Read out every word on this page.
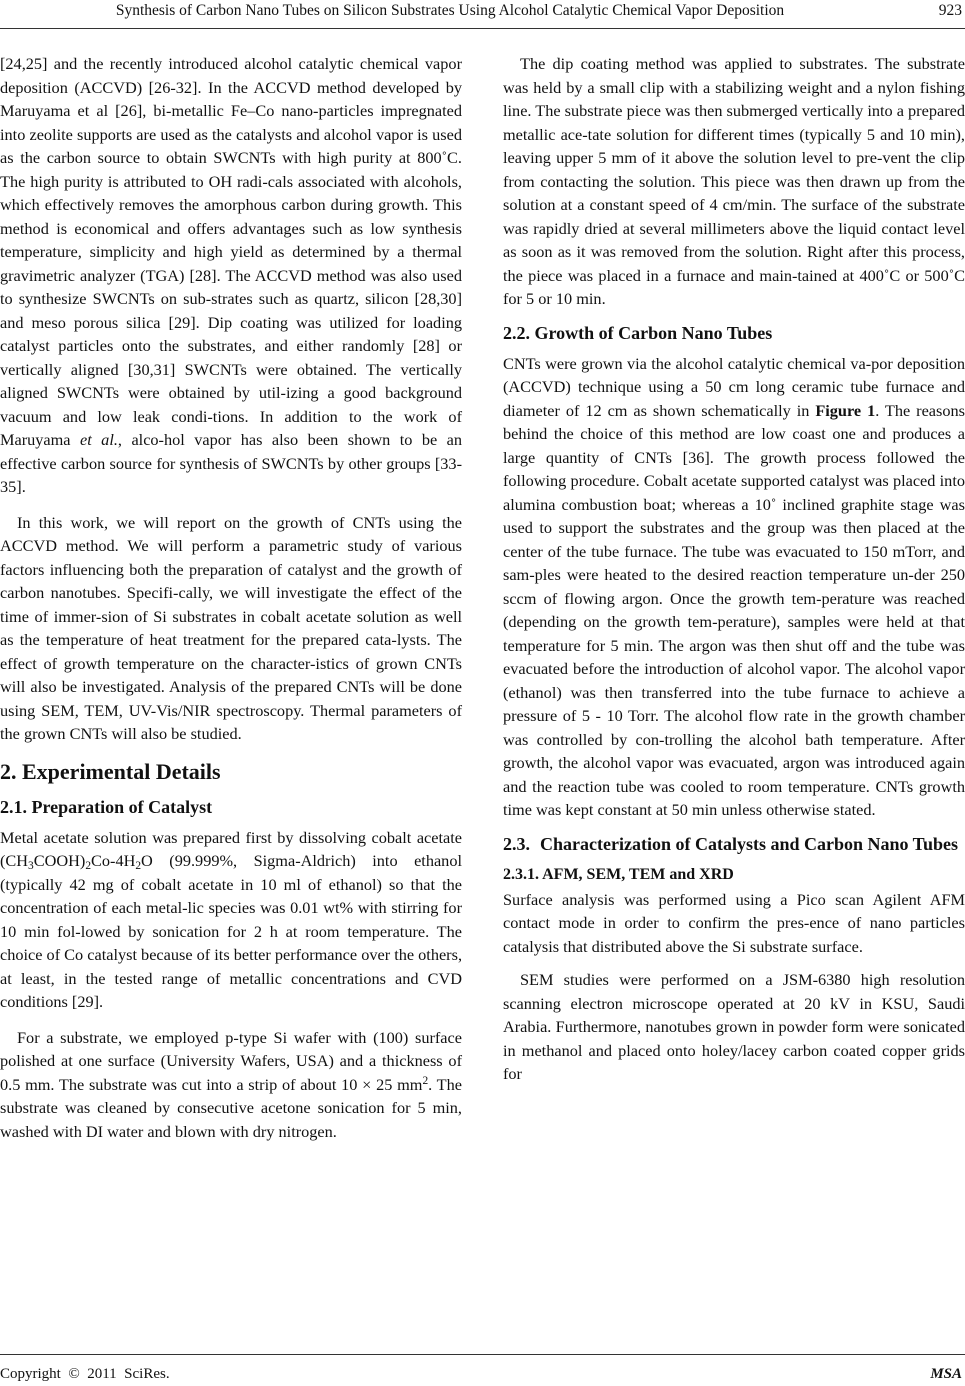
Synthesis of Carbon Nano Tubes on Silicon Substrates Using Alcohol Catalytic Chemical Vapor Deposition	923

[24,25] and the recently introduced alcohol catalytic chemical vapor deposition (ACCVD) [26-32]. In the ACCVD method developed by Maruyama et al [26], bi-metallic Fe–Co nano-particles impregnated into zeolite supports are used as the catalysts and alcohol vapor is used as the carbon source to obtain SWCNTs with high purity at 800˚C. The high purity is attributed to OH radi-cals associated with alcohols, which effectively removes the amorphous carbon during growth. This method is economical and offers advantages such as low synthesis temperature, simplicity and high yield as determined by a thermal gravimetric analyzer (TGA) [28]. The ACCVD method was also used to synthesize SWCNTs on sub-strates such as quartz, silicon [28,30] and meso porous silica [29]. Dip coating was utilized for loading catalyst particles onto the substrates, and either randomly [28] or vertically aligned [30,31] SWCNTs were obtained. The vertically aligned SWCNTs were obtained by util-izing a good background vacuum and low leak condi-tions. In addition to the work of Maruyama et al., alco-hol vapor has also been shown to be an effective carbon source for synthesis of SWCNTs by other groups [33-35].

In this work, we will report on the growth of CNTs using the ACCVD method. We will perform a parametric study of various factors influencing both the preparation of catalyst and the growth of carbon nanotubes. Specifi-cally, we will investigate the effect of the time of immer-sion of Si substrates in cobalt acetate solution as well as the temperature of heat treatment for the prepared cata-lysts. The effect of growth temperature on the character-istics of grown CNTs will also be investigated. Analysis of the prepared CNTs will be done using SEM, TEM, UV-Vis/NIR spectroscopy. Thermal parameters of the grown CNTs will also be studied.

2. Experimental Details
2.1. Preparation of Catalyst

Metal acetate solution was prepared first by dissolving cobalt acetate $(CH_3COOH)_2Co-4H_2O$ (99.999%, Sigma-Aldrich) into ethanol (typically 42 mg of cobalt acetate in 10 ml of ethanol) so that the concentration of each metal-lic species was 0.01 wt% with stirring for 10 min fol-lowed by sonication for 2 h at room temperature. The choice of Co catalyst because of its better performance over the others, at least, in the tested range of metallic concentrations and CVD conditions [29].

For a substrate, we employed p-type Si wafer with (100) surface polished at one surface (University Wafers, USA) and a thickness of 0.5 mm. The substrate was cut into a strip of about 10 × 25 $mm^2$. The substrate was cleaned by consecutive acetone sonication for 5 min, washed with DI water and blown with dry nitrogen.

The dip coating method was applied to substrates. The substrate was held by a small clip with a stabilizing weight and a nylon fishing line. The substrate piece was then submerged vertically into a prepared metallic ace-tate solution for different times (typically 5 and 10 min), leaving upper 5 mm of it above the solution level to pre-vent the clip from contacting the solution. This piece was then drawn up from the solution at a constant speed of 4 cm/min. The surface of the substrate was rapidly dried at several millimeters above the liquid contact level as soon as it was removed from the solution. Right after this process, the piece was placed in a furnace and main-tained at 400˚C or 500˚C for 5 or 10 min.

2.2. Growth of Carbon Nano Tubes

CNTs were grown via the alcohol catalytic chemical va-por deposition (ACCVD) technique using a 50 cm long ceramic tube furnace and diameter of 12 cm as shown schematically in Figure 1. The reasons behind the choice of this method are low coast one and produces a large quantity of CNTs [36]. The growth process followed the following procedure. Cobalt acetate supported catalyst was placed into alumina combustion boat; whereas a 10˚ inclined graphite stage was used to support the substrates and the group was then placed at the center of the tube furnace. The tube was evacuated to 150 mTorr, and sam-ples were heated to the desired reaction temperature un-der 250 sccm of flowing argon. Once the growth tem-perature was reached (depending on the growth tem-perature), samples were held at that temperature for 5 min. The argon was then shut off and the tube was evacuated before the introduction of alcohol vapor. The alcohol vapor (ethanol) was then transferred into the tube furnace to achieve a pressure of 5 - 10 Torr. The alcohol flow rate in the growth chamber was controlled by con-trolling the alcohol bath temperature. After growth, the alcohol vapor was evacuated, argon was introduced again and the reaction tube was cooled to room temperature. CNTs growth time was kept constant at 50 min unless otherwise stated.

2.3. Characterization of Catalysts and Carbon Nano Tubes
2.3.1. AFM, SEM, TEM and XRD

Surface analysis was performed using a Pico scan Agilent AFM contact mode in order to confirm the pres-ence of nano particles catalysis that distributed above the Si substrate surface.

SEM studies were performed on a JSM-6380 high resolution scanning electron microscope operated at 20 kV in KSU, Saudi Arabia. Furthermore, nanotubes grown in powder form were sonicated in methanol and placed onto holey/lacey carbon coated copper grids for

Copyright  ©  2011  SciRes.	MSA
